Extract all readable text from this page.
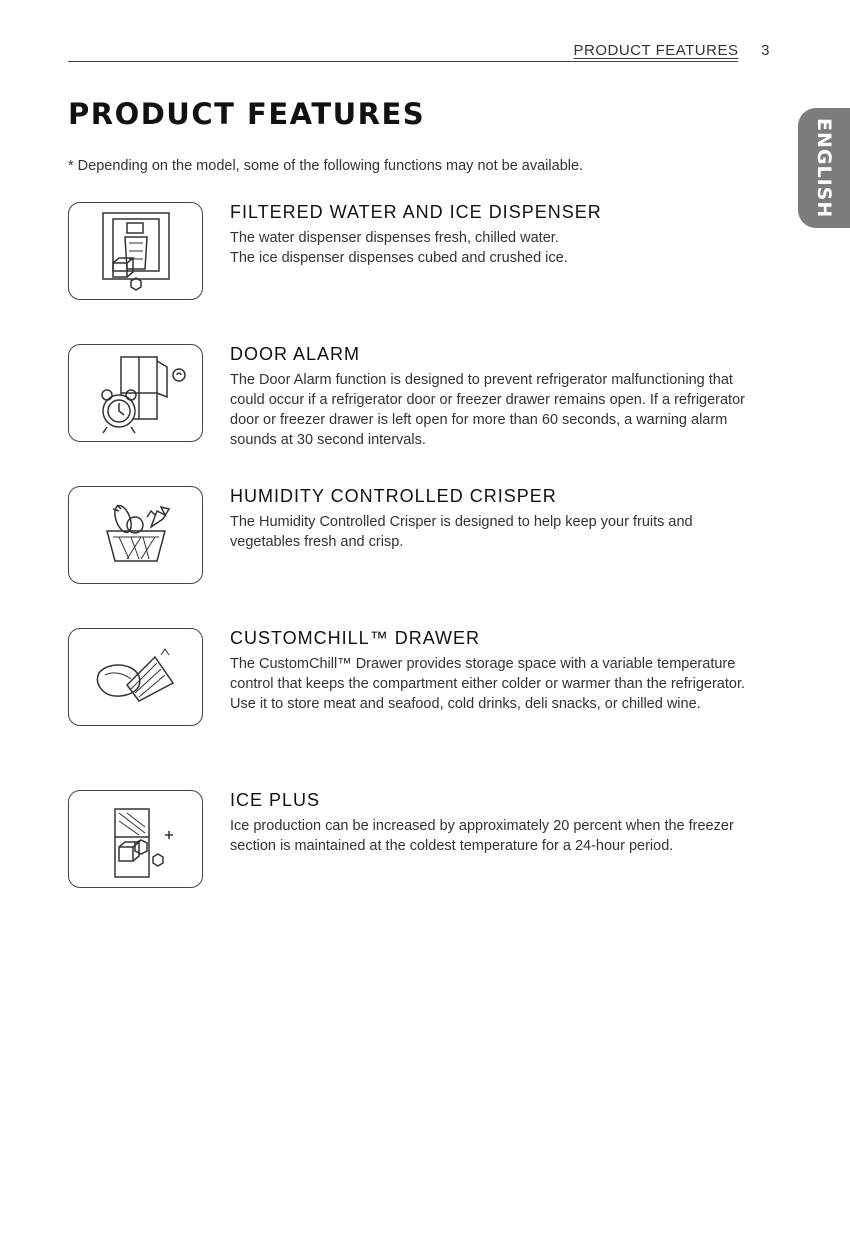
PRODUCT FEATURES 3
PRODUCT FEATURES
ENGLISH

* Depending on the model, some of the following functions may not be available.

FILTERED WATER AND ICE DISPENSER

The water dispenser dispenses fresh, chilled water.
The ice dispenser dispenses cubed and crushed ice.

DOOR ALARM

The Door Alarm function is designed to prevent refrigerator malfunctioning that could occur if a refrigerator door or freezer drawer remains open. If a refrigerator door or freezer drawer is left open for more than 60 seconds, a warning alarm sounds at 30 second intervals.

HUMIDITY CONTROLLED CRISPER

The Humidity Controlled Crisper is designed to help keep your fruits and vegetables fresh and crisp.

CUSTOMCHILL™ DRAWER

The CustomChill™ Drawer provides storage space with a variable temperature control that keeps the compartment either colder or warmer than the refrigerator. Use it to store meat and seafood, cold drinks, deli snacks, or chilled wine.

ICE PLUS

Ice production can be increased by approximately 20 percent when the freezer section is maintained at the coldest temperature for a 24-hour period.
